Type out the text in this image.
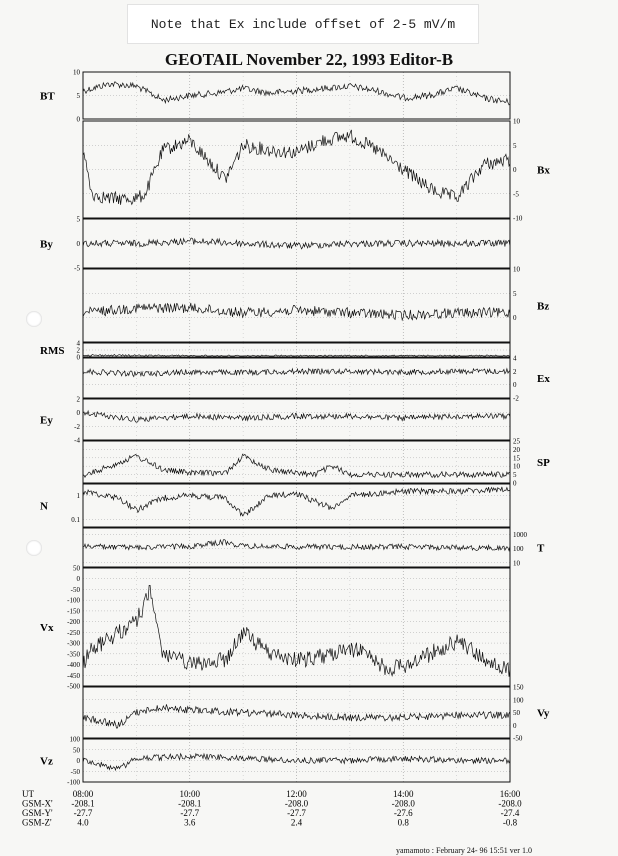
Note that Ex include offset of 2-5 mV/m
GEOTAIL November 22, 1993 Editor-B
10
5
0
BT
10
5
0
-5
-10
Bx
5
0
-5
By
10
5
0
Bz
4
2
0
RMS
4
2
0
-2
Ex
2
0
-2
-4
Ey
25
20
15
10
5
0
SP
1
0.1
N
1000
100
10
T
50
0
-50
-100
-150
-200
-250
-300
-350
-400
-450
-500
Vx
150
100
50
0
-50
Vy
100
50
0
-50
-100
Vz
UT	08:00	10:00	12:00	14:00	16:00
GSM-X' -208.1	-208.1	-208.0	-208.0	-208.0
GSM-Y' -27.7	-27.7	-27.7	-27.6	-27.4
GSM-Z'	4.0	3.6	2.4	0.8	-0.8
yamamoto : February 24- 96 15:51 ver 1.0
